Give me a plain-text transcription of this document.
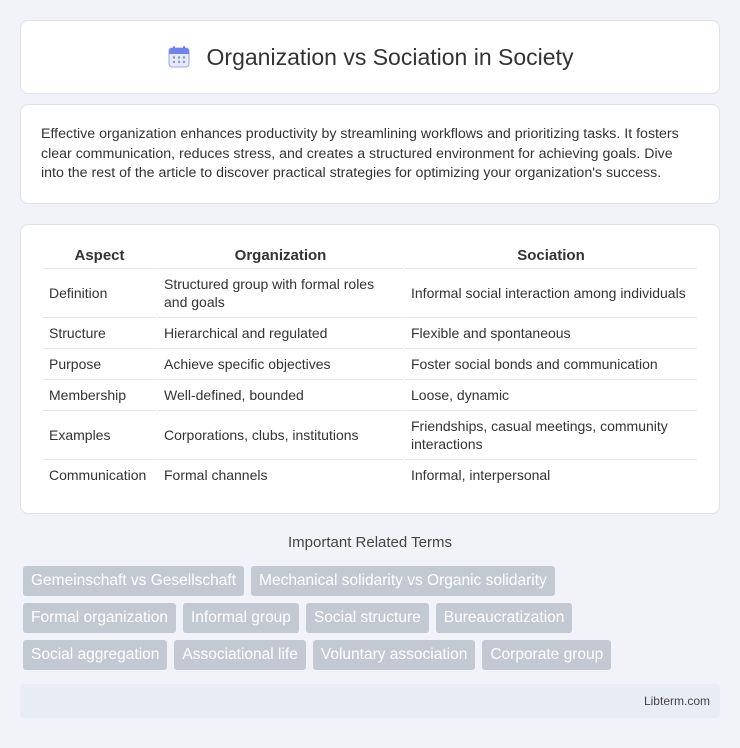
Organization vs Sociation in Society

Effective organization enhances productivity by streamlining workflows and prioritizing tasks. It fosters clear communication, reduces stress, and creates a structured environment for achieving goals. Dive into the rest of the article to discover practical strategies for optimizing your organization's success.

Aspect	Organization	Sociation
Definition	Structured group with formal roles and goals	Informal social interaction among individuals
Structure	Hierarchical and regulated	Flexible and spontaneous
Purpose	Achieve specific objectives	Foster social bonds and communication
Membership	Well-defined, bounded	Loose, dynamic
Examples	Corporations, clubs, institutions	Friendships, casual meetings, community interactions
Communication	Formal channels	Informal, interpersonal
Important Related Terms
Gemeinschaft vs Gesellschaft	Mechanical solidarity vs Organic solidarity
Formal organization	Informal group	Social structure	Bureaucratization
Social aggregation	Associational life	Voluntary association	Corporate group
Libterm.com
